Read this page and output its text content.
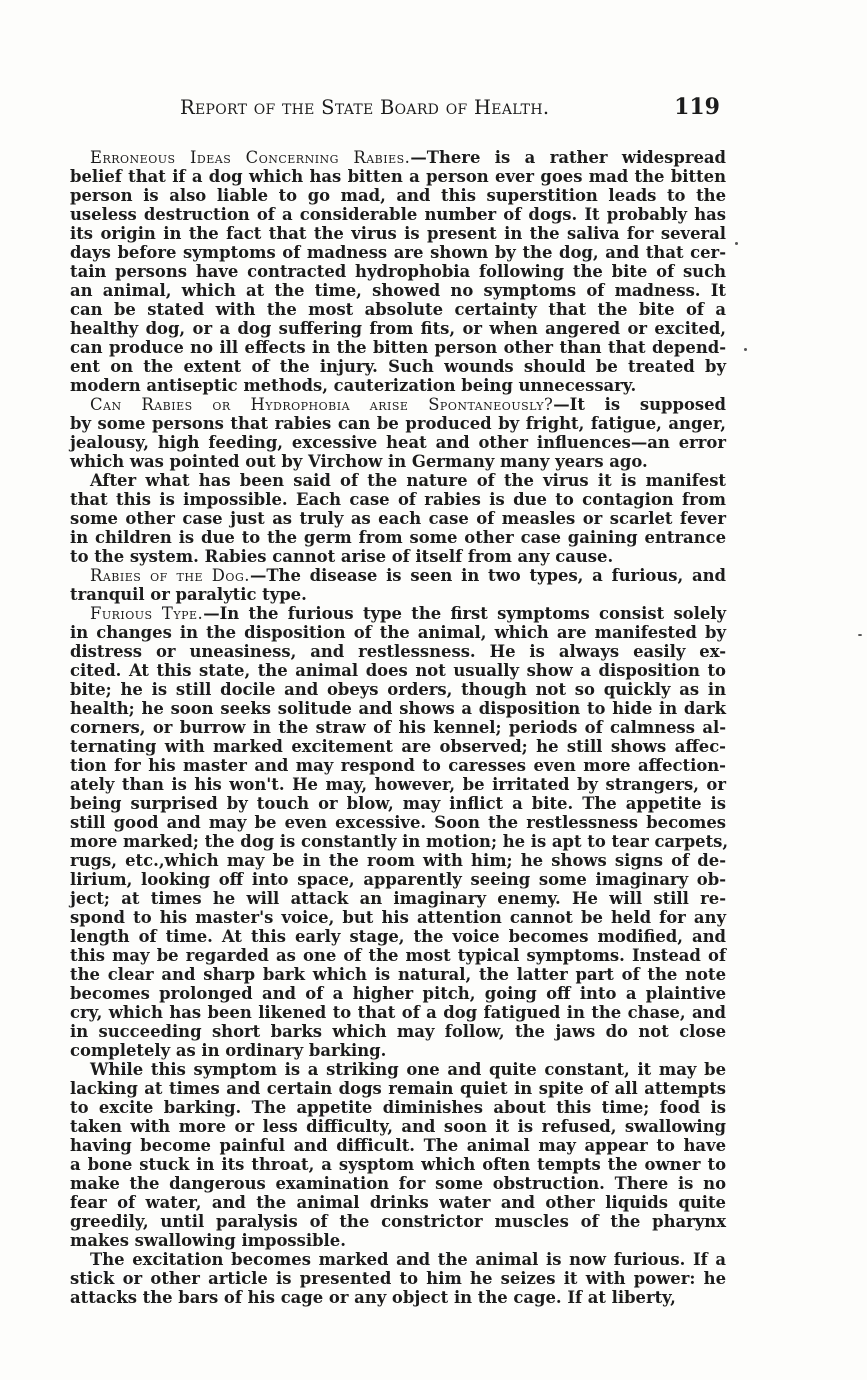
Report of the State Board of Health.	119
Erroneous Ideas Concerning Rabies.—There is a rather widespread
belief that if a dog which has bitten a person ever goes mad the bitten
person is also liable to go mad, and this superstition leads to the
useless destruction of a considerable number of dogs. It probably has
its origin in the fact that the virus is present in the saliva for several
days before symptoms of madness are shown by the dog, and that cer-
tain persons have contracted hydrophobia following the bite of such
an animal, which at the time, showed no symptoms of madness. It
can be stated with the most absolute certainty that the bite of a
healthy dog, or a dog suffering from fits, or when angered or excited,
can produce no ill effects in the bitten person other than that depend-
ent on the extent of the injury. Such wounds should be treated by
modern antiseptic methods, cauterization being unnecessary.
Can Rabies or Hydrophobia arise Spontaneously?—It is supposed
by some persons that rabies can be produced by fright, fatigue, anger,
jealousy, high feeding, excessive heat and other influences—an error
which was pointed out by Virchow in Germany many years ago.
After what has been said of the nature of the virus it is manifest
that this is impossible. Each case of rabies is due to contagion from
some other case just as truly as each case of measles or scarlet fever
in children is due to the germ from some other case gaining entrance
to the system. Rabies cannot arise of itself from any cause.
Rabies of the Dog.—The disease is seen in two types, a furious, and
tranquil or paralytic type.
Furious Type.—In the furious type the first symptoms consist solely
in changes in the disposition of the animal, which are manifested by
distress or uneasiness, and restlessness. He is always easily ex-
cited. At this state, the animal does not usually show a disposition to
bite; he is still docile and obeys orders, though not so quickly as in
health; he soon seeks solitude and shows a disposition to hide in dark
corners, or burrow in the straw of his kennel; periods of calmness al-
ternating with marked excitement are observed; he still shows affec-
tion for his master and may respond to caresses even more affection-
ately than is his won't. He may, however, be irritated by strangers, or
being surprised by touch or blow, may inflict a bite. The appetite is
still good and may be even excessive. Soon the restlessness becomes
more marked; the dog is constantly in motion; he is apt to tear carpets,
rugs, etc.,which may be in the room with him; he shows signs of de-
lirium, looking off into space, apparently seeing some imaginary ob-
ject; at times he will attack an imaginary enemy. He will still re-
spond to his master's voice, but his attention cannot be held for any
length of time. At this early stage, the voice becomes modified, and
this may be regarded as one of the most typical symptoms. Instead of
the clear and sharp bark which is natural, the latter part of the note
becomes prolonged and of a higher pitch, going off into a plaintive
cry, which has been likened to that of a dog fatigued in the chase, and
in succeeding short barks which may follow, the jaws do not close
completely as in ordinary barking.
While this symptom is a striking one and quite constant, it may be
lacking at times and certain dogs remain quiet in spite of all attempts
to excite barking. The appetite diminishes about this time; food is
taken with more or less difficulty, and soon it is refused, swallowing
having become painful and difficult. The animal may appear to have
a bone stuck in its throat, a sysptom which often tempts the owner to
make the dangerous examination for some obstruction. There is no
fear of water, and the animal drinks water and other liquids quite
greedily, until paralysis of the constrictor muscles of the pharynx
makes swallowing impossible.
The excitation becomes marked and the animal is now furious. If a
stick or other article is presented to him he seizes it with power: he
attacks the bars of his cage or any object in the cage. If at liberty,
